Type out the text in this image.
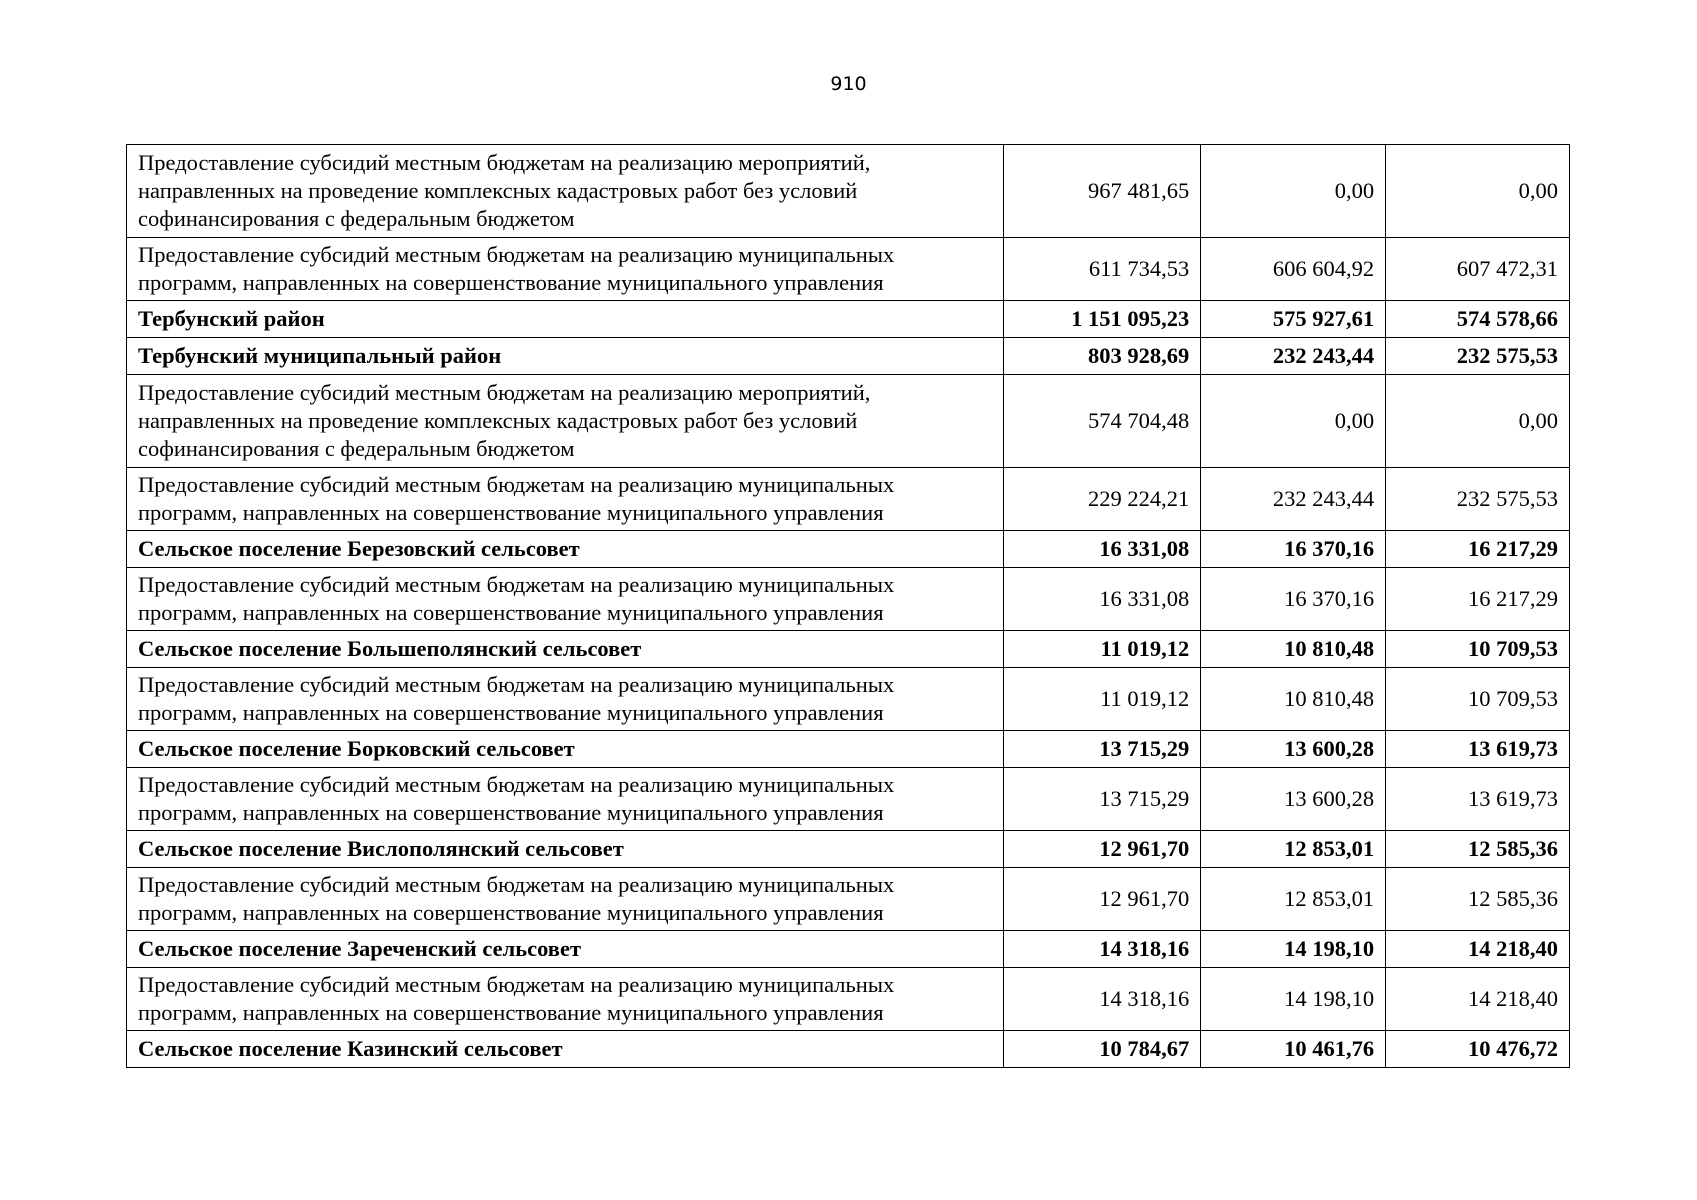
910
Предоставление субсидий местным бюджетам на реализацию мероприятий, направленных на проведение комплексных кадастровых работ без условий софинансирования с федеральным бюджетом	967 481,65	0,00	0,00
Предоставление субсидий местным бюджетам на реализацию муниципальных программ, направленных на совершенствование муниципального управления	611 734,53	606 604,92	607 472,31
Тербунский район	1 151 095,23	575 927,61	574 578,66
Тербунский муниципальный район	803 928,69	232 243,44	232 575,53
Предоставление субсидий местным бюджетам на реализацию мероприятий, направленных на проведение комплексных кадастровых работ без условий софинансирования с федеральным бюджетом	574 704,48	0,00	0,00
Предоставление субсидий местным бюджетам на реализацию муниципальных программ, направленных на совершенствование муниципального управления	229 224,21	232 243,44	232 575,53
Сельское поселение Березовский сельсовет	16 331,08	16 370,16	16 217,29
Предоставление субсидий местным бюджетам на реализацию муниципальных программ, направленных на совершенствование муниципального управления	16 331,08	16 370,16	16 217,29
Сельское поселение Большеполянский сельсовет	11 019,12	10 810,48	10 709,53
Предоставление субсидий местным бюджетам на реализацию муниципальных программ, направленных на совершенствование муниципального управления	11 019,12	10 810,48	10 709,53
Сельское поселение Борковский сельсовет	13 715,29	13 600,28	13 619,73
Предоставление субсидий местным бюджетам на реализацию муниципальных программ, направленных на совершенствование муниципального управления	13 715,29	13 600,28	13 619,73
Сельское поселение Вислополянский сельсовет	12 961,70	12 853,01	12 585,36
Предоставление субсидий местным бюджетам на реализацию муниципальных программ, направленных на совершенствование муниципального управления	12 961,70	12 853,01	12 585,36
Сельское поселение Зареченский сельсовет	14 318,16	14 198,10	14 218,40
Предоставление субсидий местным бюджетам на реализацию муниципальных программ, направленных на совершенствование муниципального управления	14 318,16	14 198,10	14 218,40
Сельское поселение Казинский сельсовет	10 784,67	10 461,76	10 476,72
